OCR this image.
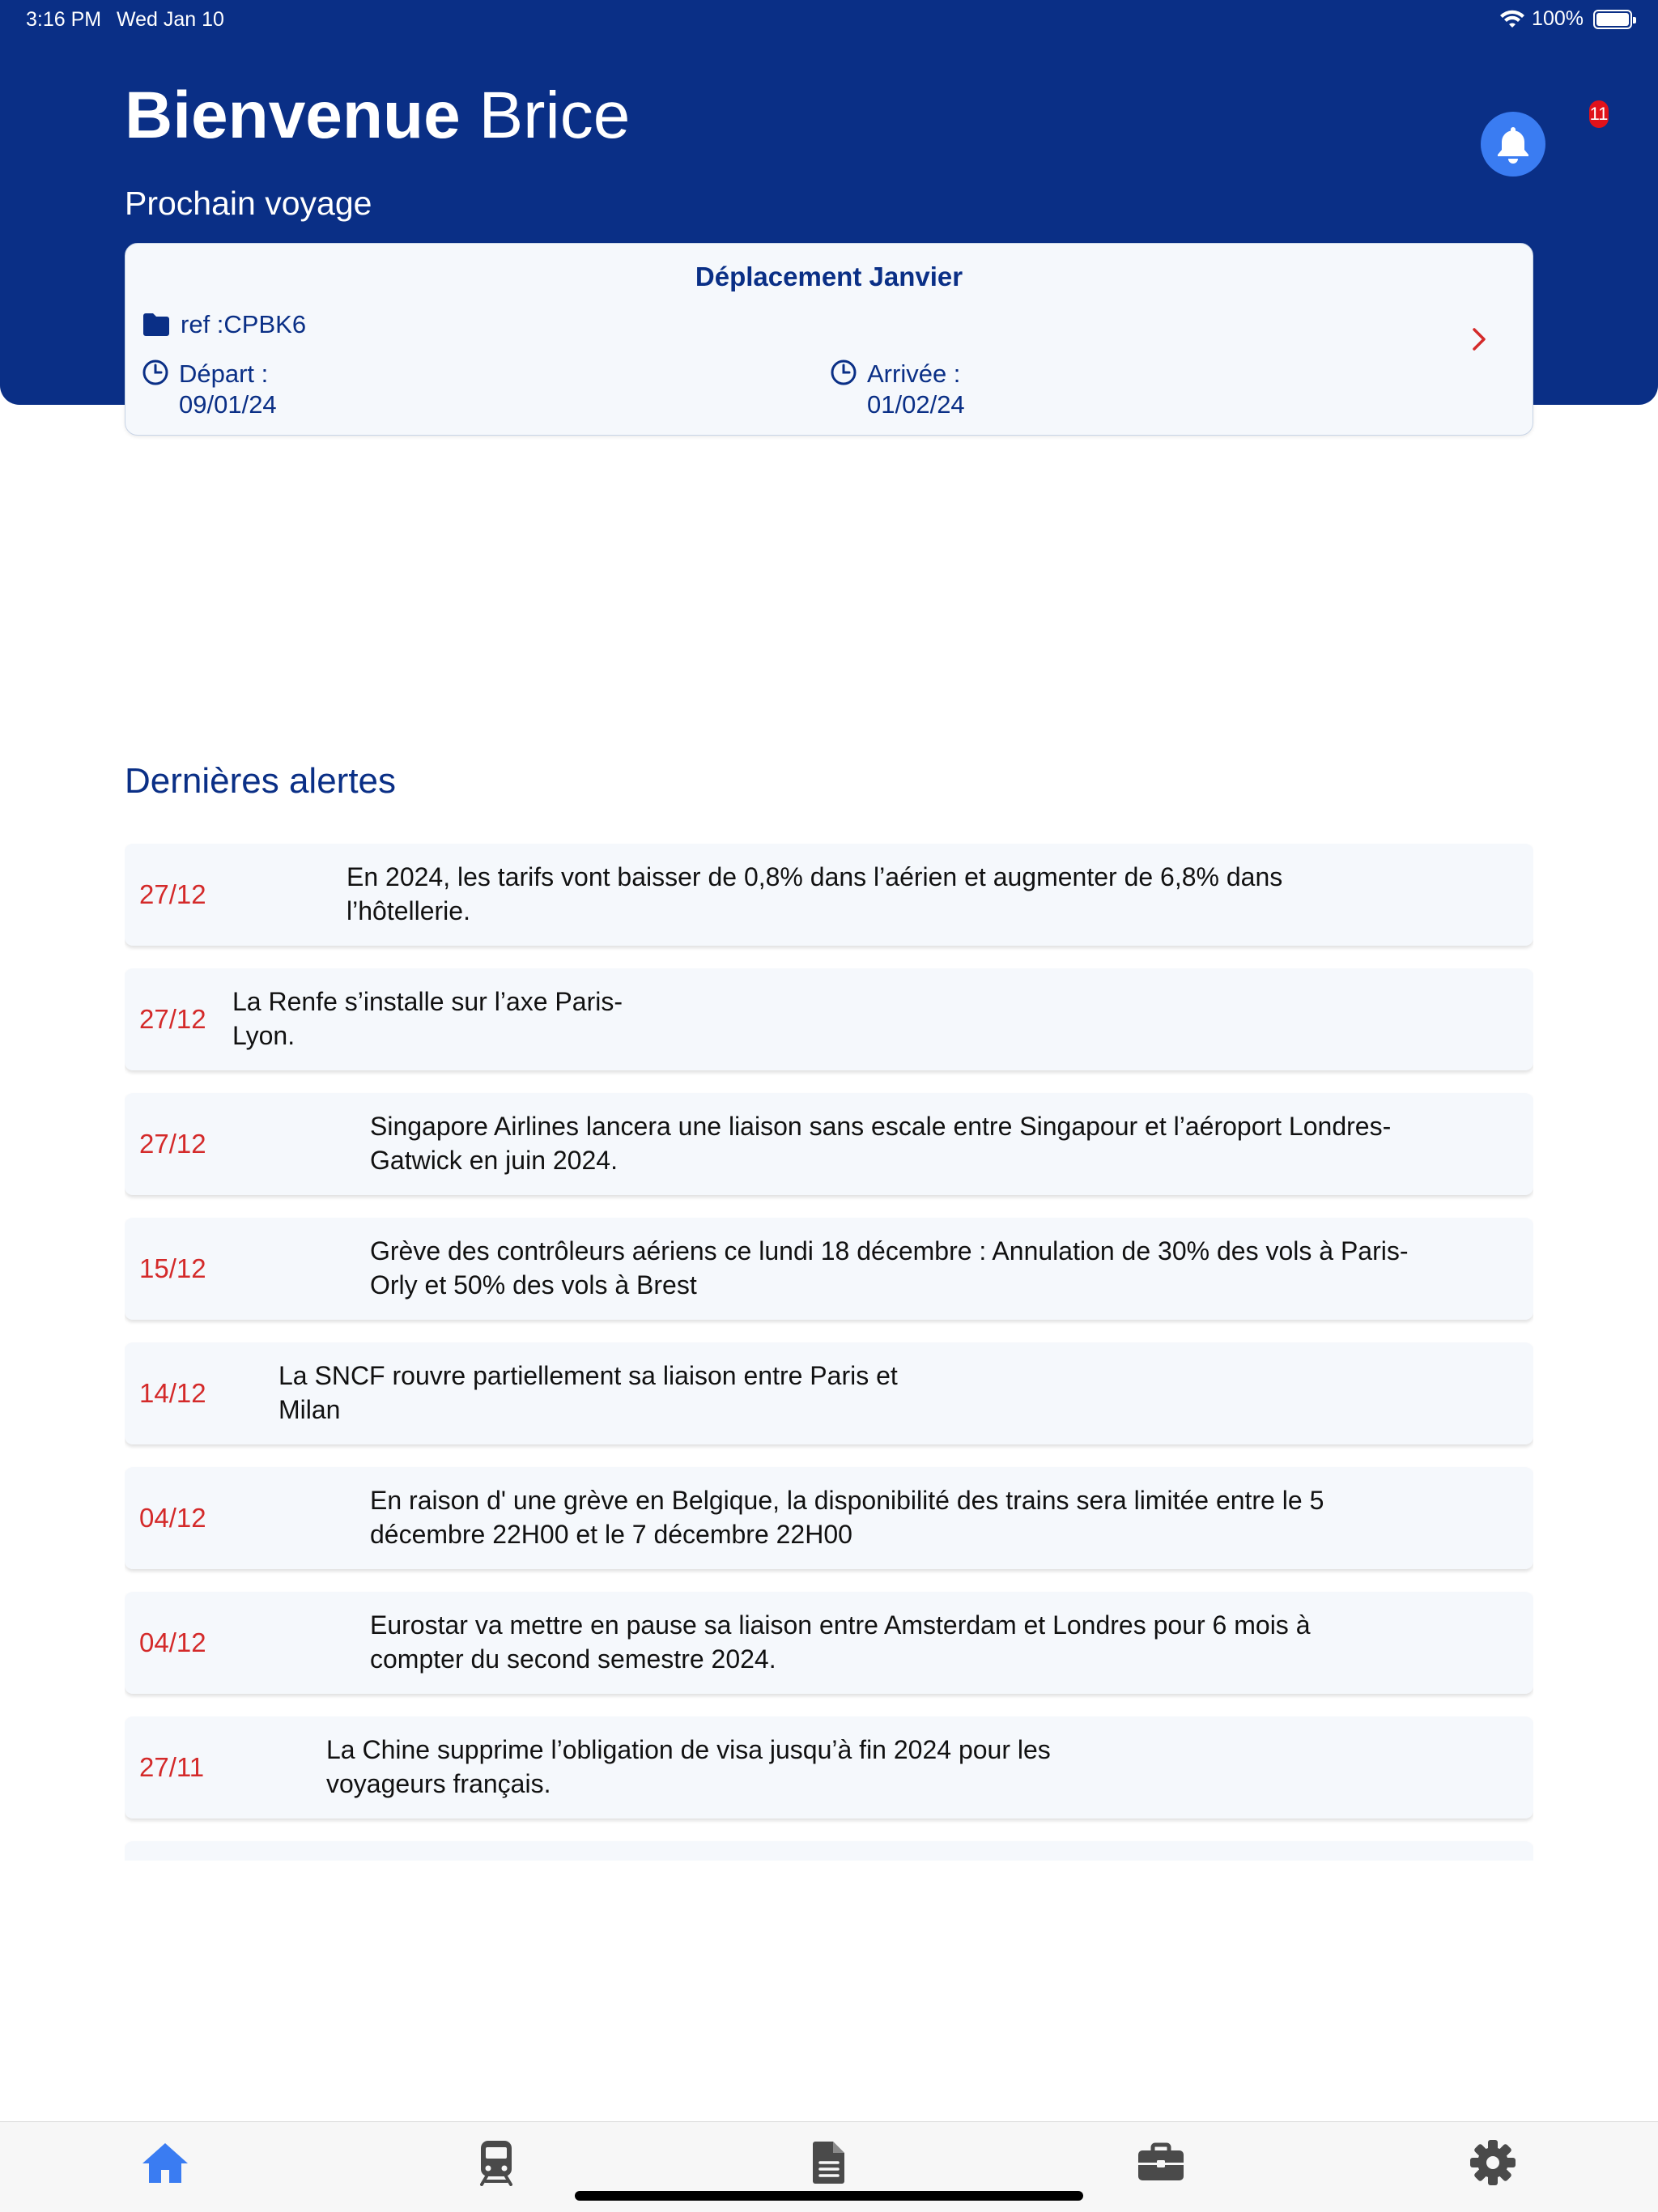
3:16 PM Wed Jan 10	100%
Bienvenue Brice
Prochain voyage
11
Déplacement Janvier
ref :CPBK6
Départ :
09/01/24
Arrivée :
01/02/24
Dernières alertes
27/12
En 2024, les tarifs vont baisser de 0,8% dans l’aérien et augmenter de 6,8% dans
l’hôtellerie.
27/12
La Renfe s’installe sur l’axe Paris-
Lyon.
27/12
Singapore Airlines lancera une liaison sans escale entre Singapour et l’aéroport Londres-
Gatwick en juin 2024.
15/12
Grève des contrôleurs aériens ce lundi 18 décembre : Annulation de 30% des vols à Paris-
Orly et 50% des vols à Brest
14/12
La SNCF rouvre partiellement sa liaison entre Paris et
Milan
04/12
En raison d' une grève en Belgique, la disponibilité des trains sera limitée entre le 5
décembre 22H00 et le 7 décembre 22H00
04/12
Eurostar va mettre en pause sa liaison entre Amsterdam et Londres pour 6 mois à
compter du second semestre 2024.
27/11
La Chine supprime l’obligation de visa jusqu’à fin 2024 pour les
voyageurs français.
